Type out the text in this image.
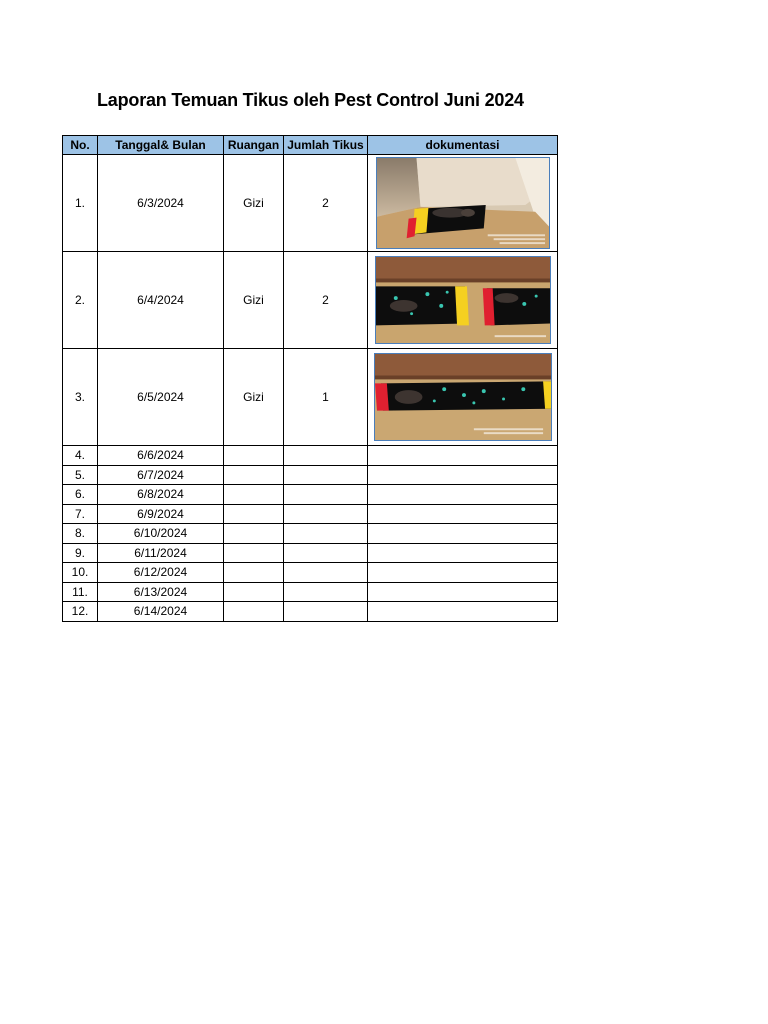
Laporan Temuan Tikus oleh Pest Control Juni 2024
No.	Tanggal& Bulan	Ruangan	Jumlah Tikus	dokumentasi
1.	6/3/2024	Gizi	2	

2.	6/4/2024	Gizi	2	

3.	6/5/2024	Gizi	1	

4.	6/6/2024			
5.	6/7/2024			
6.	6/8/2024			
7.	6/9/2024			
8.	6/10/2024			
9.	6/11/2024			
10.	6/12/2024			
11.	6/13/2024			
12.	6/14/2024			
